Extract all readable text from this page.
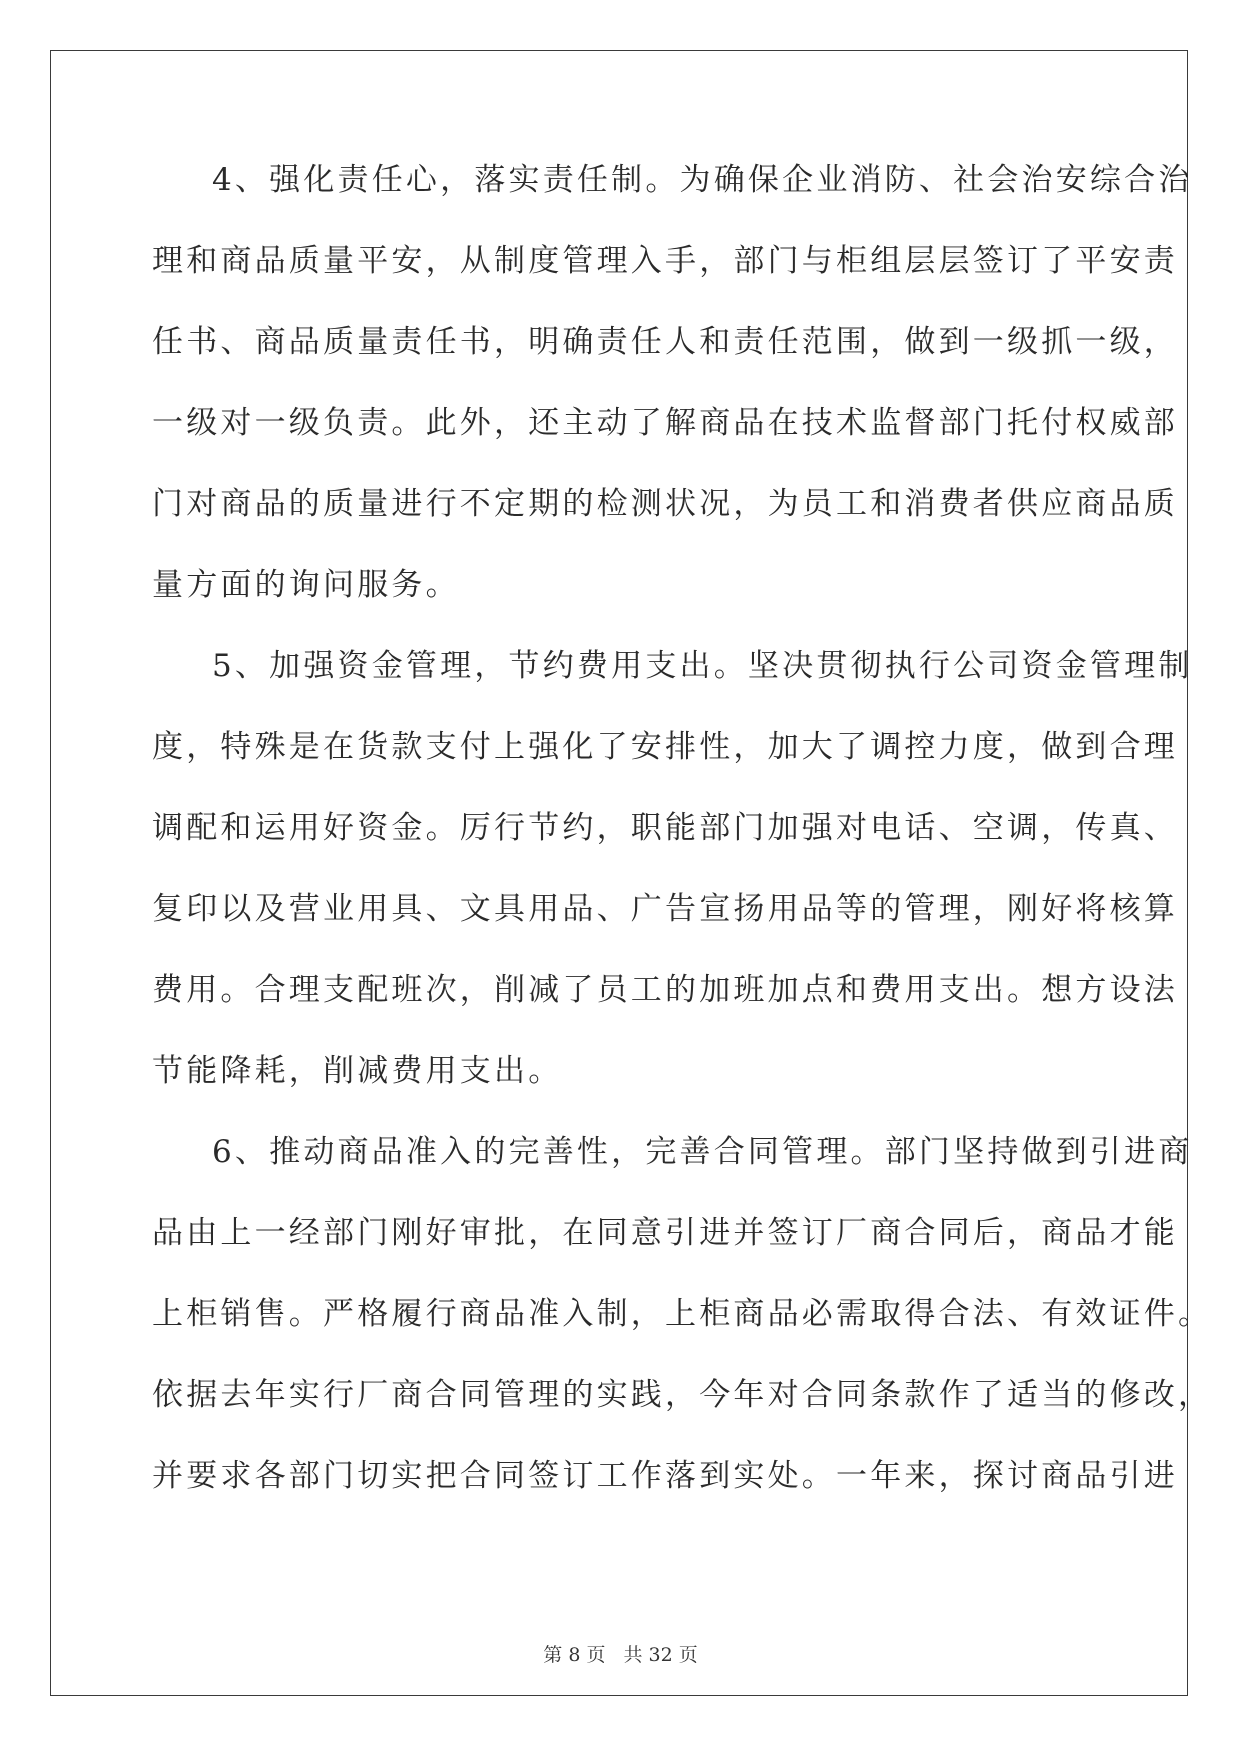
4、强化责任心，落实责任制。为确保企业消防、社会治安综合治
理和商品质量平安，从制度管理入手，部门与柜组层层签订了平安责
任书、商品质量责任书，明确责任人和责任范围，做到一级抓一级，
一级对一级负责。此外，还主动了解商品在技术监督部门托付权威部
门对商品的质量进行不定期的检测状况，为员工和消费者供应商品质
量方面的询问服务。
5、加强资金管理，节约费用支出。坚决贯彻执行公司资金管理制
度，特殊是在货款支付上强化了安排性，加大了调控力度，做到合理
调配和运用好资金。厉行节约，职能部门加强对电话、空调，传真、
复印以及营业用具、文具用品、广告宣扬用品等的管理，刚好将核算
费用。合理支配班次，削减了员工的加班加点和费用支出。想方设法
节能降耗，削减费用支出。
6、推动商品准入的完善性，完善合同管理。部门坚持做到引进商
品由上一经部门刚好审批，在同意引进并签订厂商合同后，商品才能
上柜销售。严格履行商品准入制，上柜商品必需取得合法、有效证件。
依据去年实行厂商合同管理的实践，今年对合同条款作了适当的修改，
并要求各部门切实把合同签订工作落到实处。一年来，探讨商品引进
第 8 页 共 32 页
